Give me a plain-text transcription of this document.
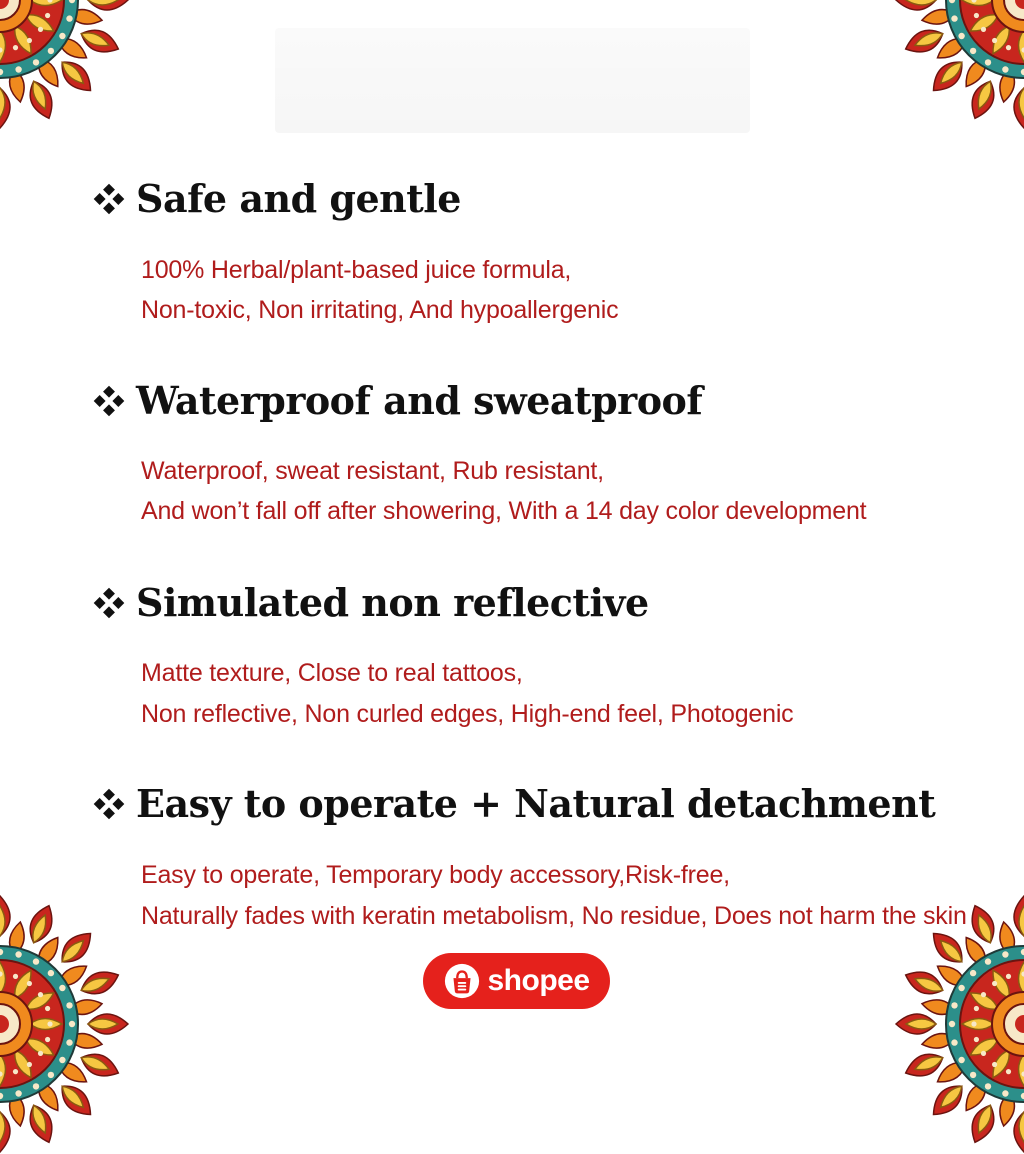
Safe and gentle
100% Herbal/plant-based juice formula,
Non-toxic, Non irritating, And hypoallergenic
Waterproof and sweatproof
Waterproof, sweat resistant, Rub resistant,
And won’t fall off after showering, With a 14 day color development
Simulated non reflective
Matte texture, Close to real tattoos,
Non reflective, Non curled edges, High-end feel, Photogenic
Easy to operate + Natural detachment
Easy to operate, Temporary body accessory,Risk-free,
Naturally fades with keratin metabolism, No residue, Does not harm the skin
shopee
